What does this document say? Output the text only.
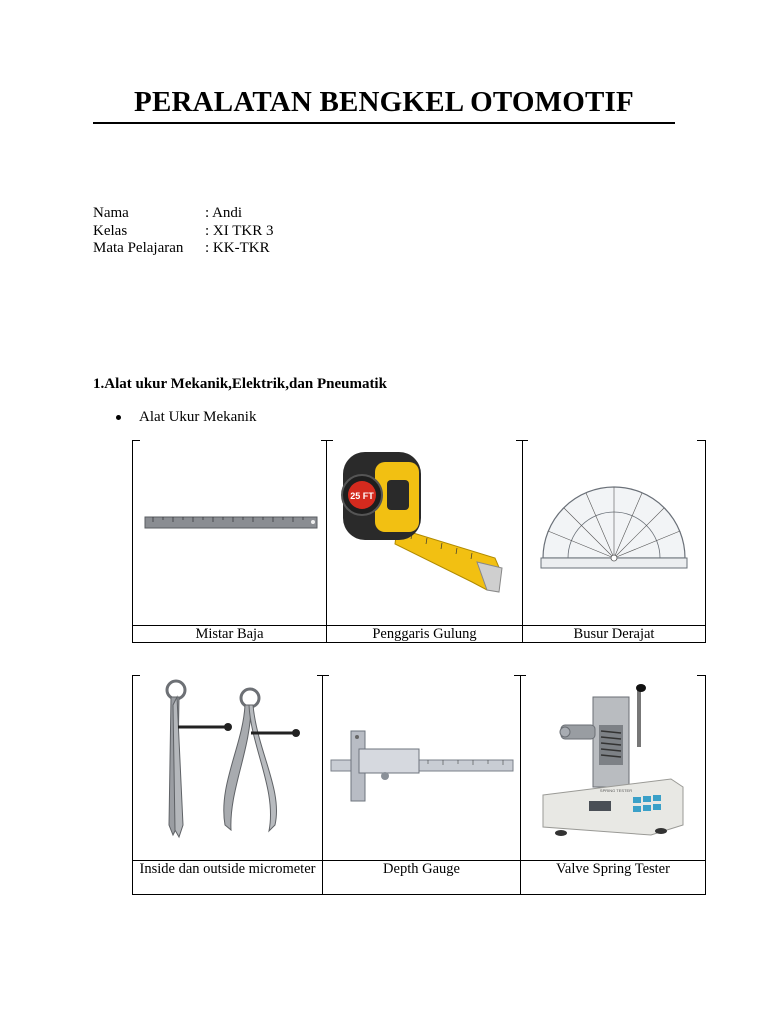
PERALATAN BENGKEL OTOMOTIF
Nama	: Andi
Kelas	: XI TKR 3
Mata Pelajaran	: KK-TKR
1.Alat ukur Mekanik,Elektrik,dan Pneumatik
Alat Ukur Mekanik

25 FT

Mistar Baja	Penggaris Gulung	Busur Derajat

SPRING TESTER

Inside dan outside micrometer	Depth Gauge	Valve Spring Tester
